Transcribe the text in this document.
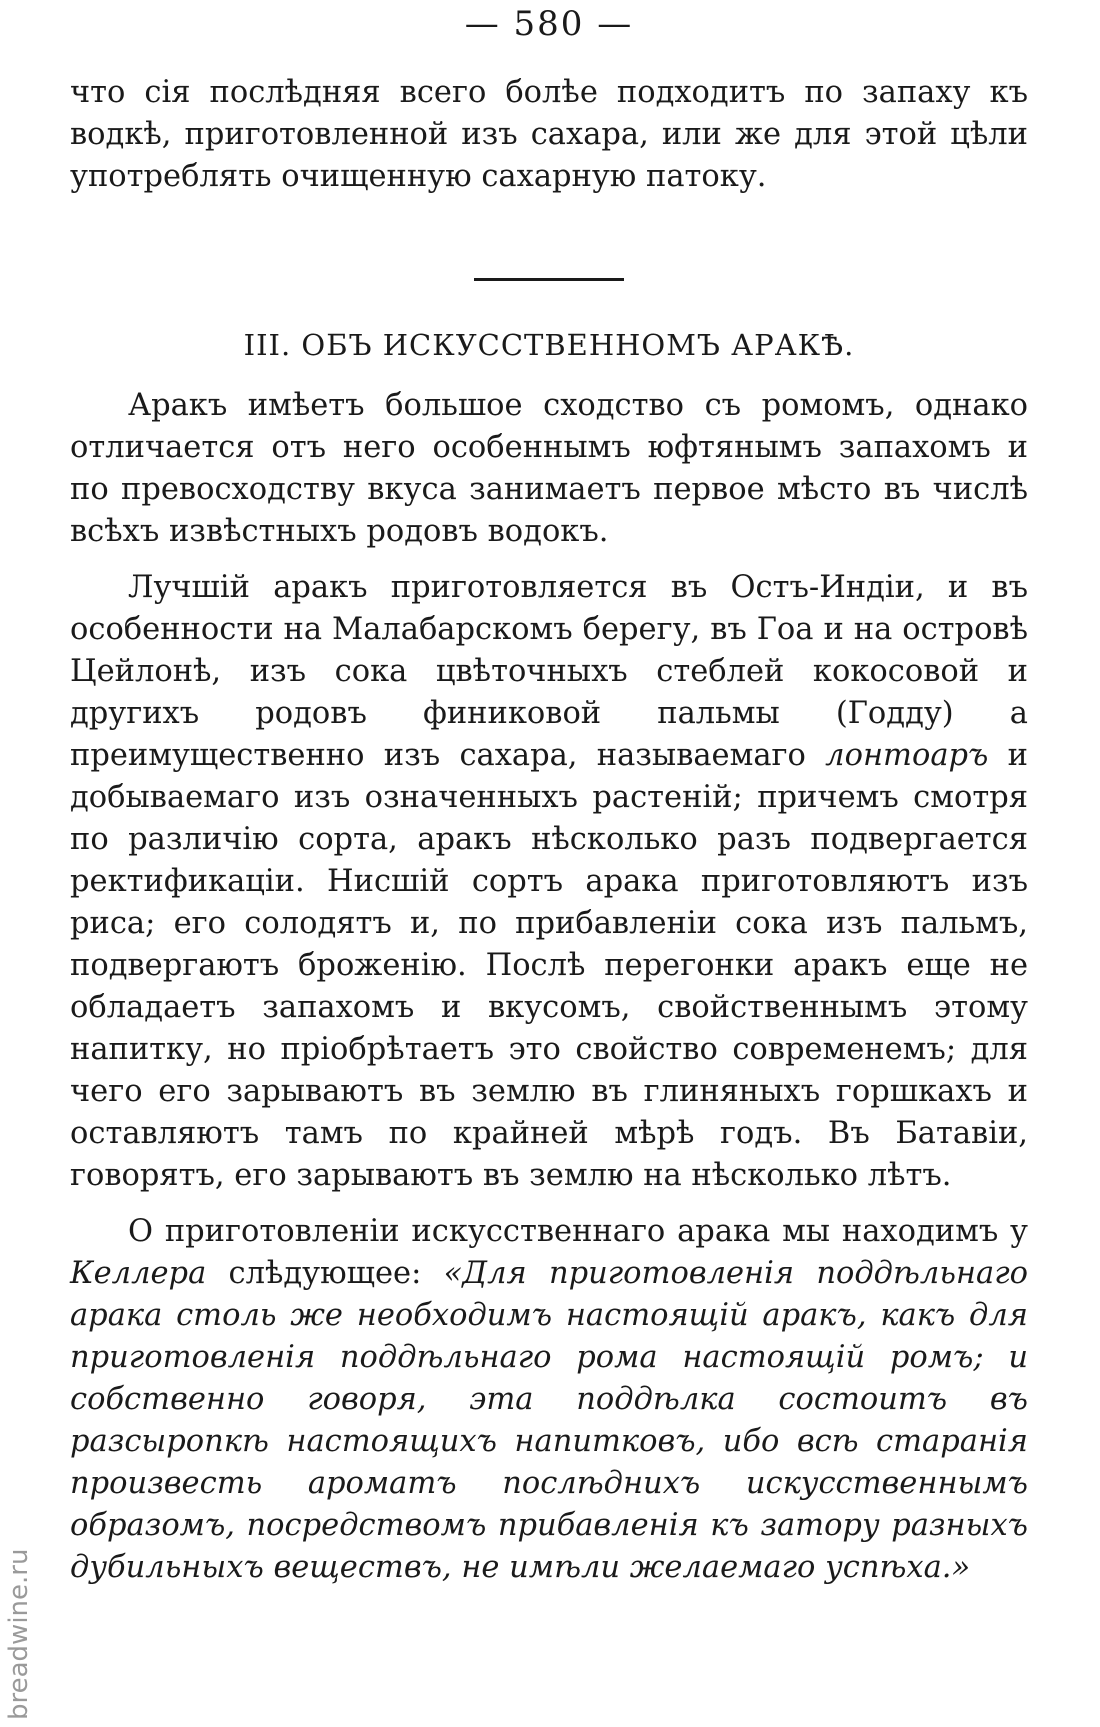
— 580 —

что сія послѣдняя всего болѣе подходитъ по запаху къ водкѣ, приготовленной изъ сахара, или же для этой цѣли употреблять очищенную сахарную патоку.

III. ОБЪ ИСКУССТВЕННОМЪ АРАКѢ.

Аракъ имѣетъ большое сходство съ ромомъ, однако отличается отъ него особеннымъ юфтянымъ запахомъ и по превосходству вкуса занимаетъ первое мѣсто въ числѣ всѣхъ извѣстныхъ родовъ водокъ.

Лучшій аракъ приготовляется въ Остъ-Индіи, и въ особенности на Малабарскомъ берегу, въ Гоа и на островѣ Цейлонѣ, изъ сока цвѣточныхъ стеблей кокосовой и другихъ родовъ финиковой пальмы (Годду) а преимущественно изъ сахара, называемаго лонтоаръ и добываемаго изъ означенныхъ растеній; причемъ смотря по различію сорта, аракъ нѣсколько разъ подвергается ректификаціи. Нисшій сортъ арака приготовляютъ изъ риса; его солодятъ и, по прибавленіи сока изъ пальмъ, подвергаютъ броженію. Послѣ перегонки аракъ еще не обладаетъ запахомъ и вкусомъ, свойственнымъ этому напитку, но пріобрѣтаетъ это свойство современемъ; для чего его зарываютъ въ землю въ глиняныхъ горшкахъ и оставляютъ тамъ по крайней мѣрѣ годъ. Въ Батавіи, говорятъ, его зарываютъ въ землю на нѣсколько лѣтъ.

О приготовленіи искусственнаго арака мы находимъ у Келлера слѣдующее: «Для приготовленія поддѣльнаго арака столь же необходимъ настоящій аракъ, какъ для приготовленія поддѣльнаго рома настоящій ромъ; и собственно говоря, эта поддѣлка состоитъ въ разсыропкѣ настоящихъ напитковъ, ибо всѣ старанія произвесть ароматъ послѣднихъ искусственнымъ образомъ, посредствомъ прибавленія къ затору разныхъ дубильныхъ веществъ, не имѣли желаемаго успѣха.»

breadwine.ru
